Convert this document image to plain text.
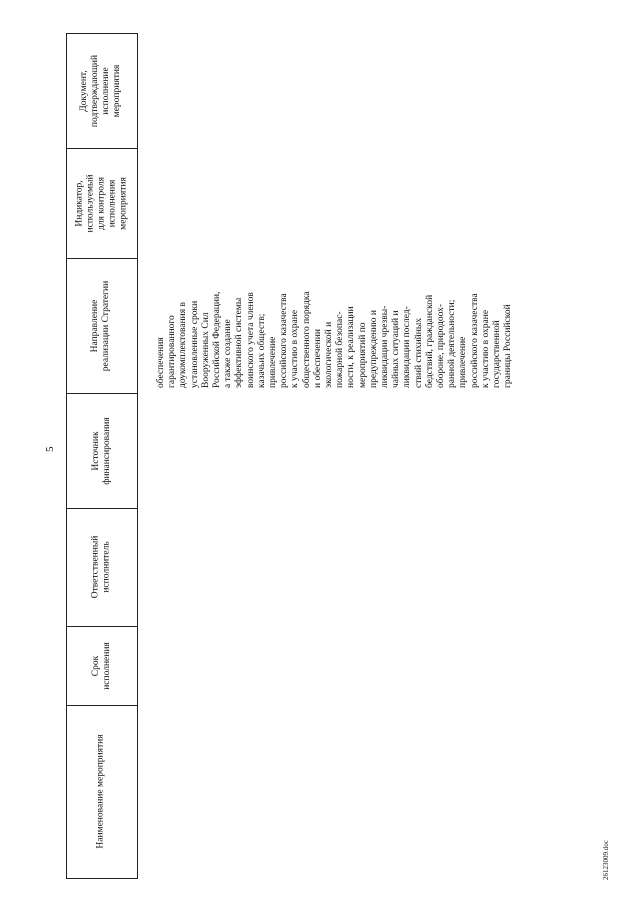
5
Наименование мероприятия
Срок
исполнения
Ответственный
исполнитель
Источник
финансирования
Направление
реализации Стратегии
Индикатор,
используемый
для контроля
исполнения
мероприятия
Документ,
подтверждающий
исполнение
мероприятия
обеспечения гарантированного доукомплектования в установленные сроки Вооруженных Сил Российской Федерации, а также создание эффективной системы воинского учета членов казачьих обществ; привлечение российского казачества к участию в охране общественного порядка и обеспечении экологической и пожарной безопас- ности, к реализации мероприятий по предупреждению и ликвидации чрезвы- чайных ситуаций и ликвидации послед- ствий стихийных бедствий, гражданской обороне, природоох- ранной деятельности; привлечение российского казачества к участию в охране государственной границы Российской
26123009.doc
